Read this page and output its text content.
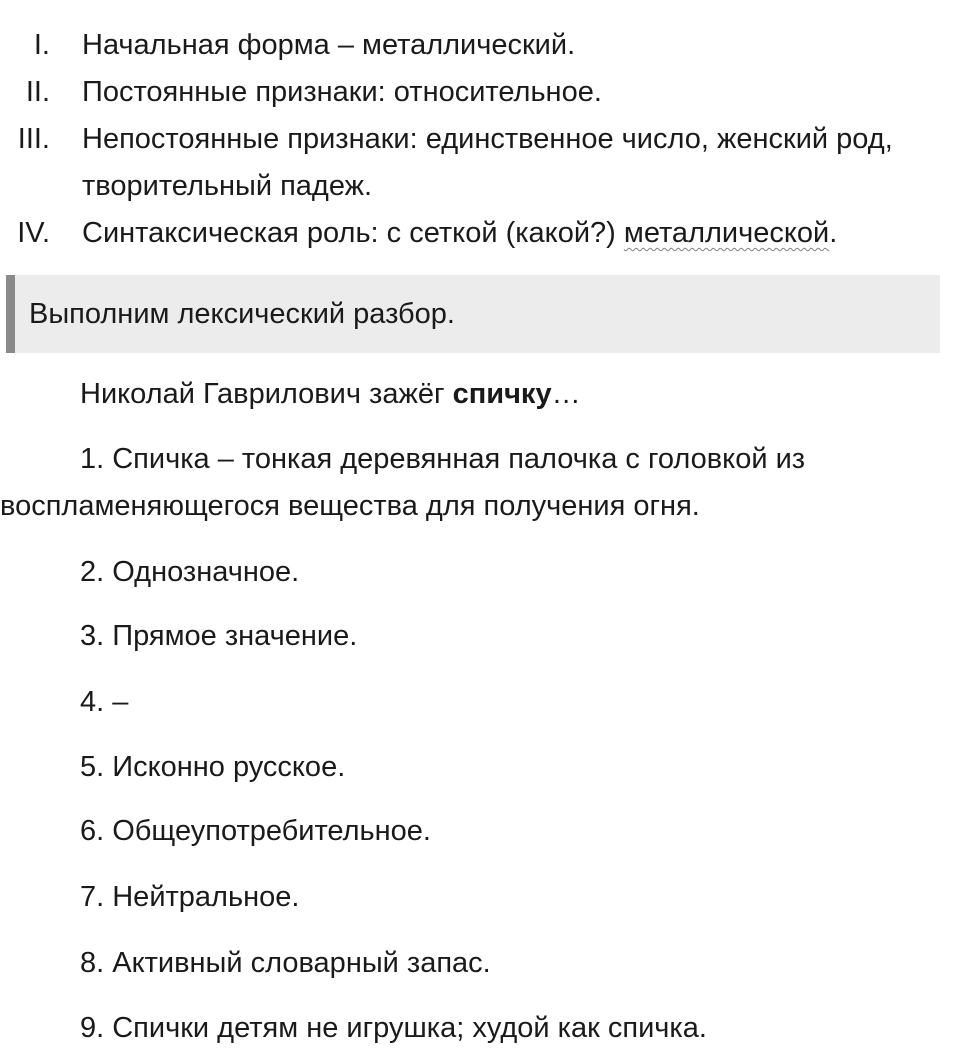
I. Начальная форма – металлический.
II. Постоянные признаки: относительное.
III. Непостоянные признаки: единственное число, женский род, творительный падеж.
IV. Синтаксическая роль: с сеткой (какой?) металлической.
Выполним лексический разбор.

Николай Гаврилович зажёг спичку…

1. Спичка – тонкая деревянная палочка с головкой из воспламеняющегося вещества для получения огня.

2. Однозначное.

3. Прямое значение.

4. –

5. Исконно русское.

6. Общеупотребительное.

7. Нейтральное.

8. Активный словарный запас.

9. Спички детям не игрушка; худой как спичка.
